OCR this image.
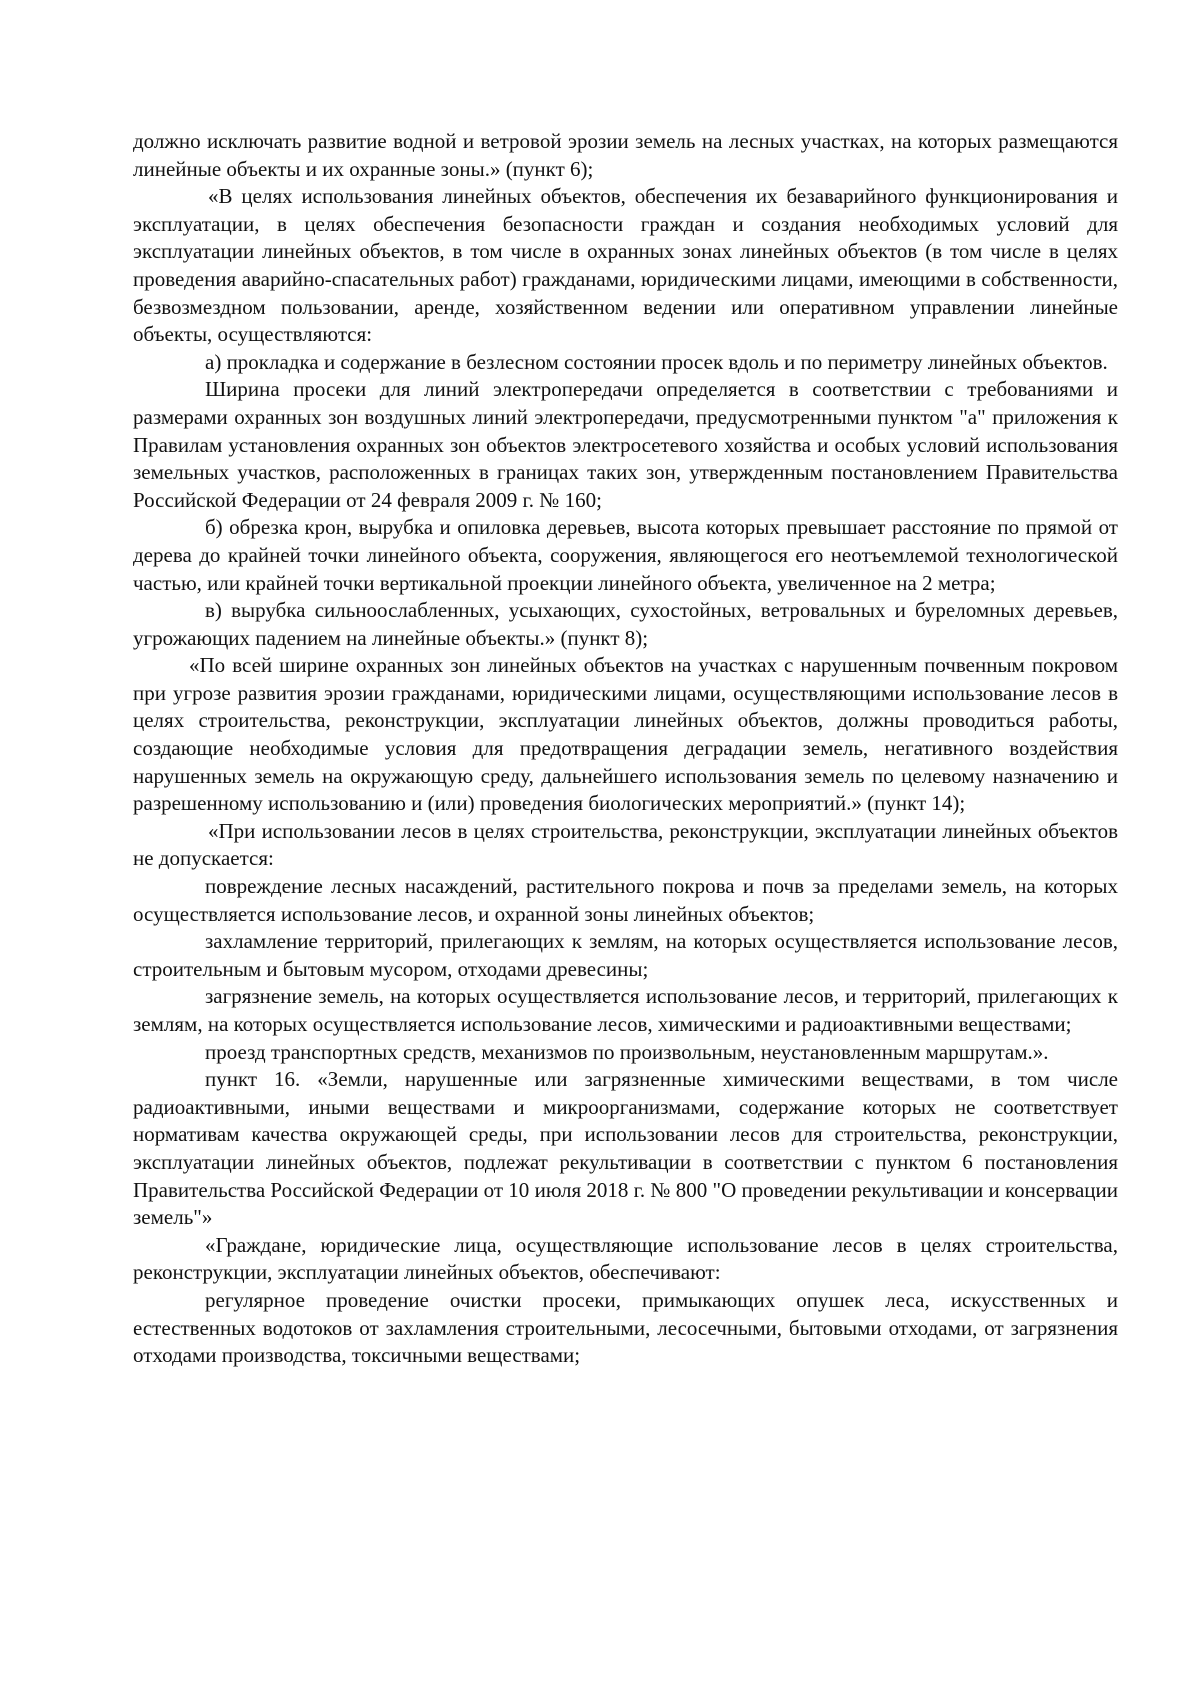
должно исключать развитие водной и ветровой эрозии земель на лесных участках, на которых размещаются линейные объекты и их охранные зоны.» (пункт 6);

«В целях использования линейных объектов, обеспечения их безаварийного функционирования и эксплуатации, в целях обеспечения безопасности граждан и создания необходимых условий для эксплуатации линейных объектов, в том числе в охранных зонах линейных объектов (в том числе в целях проведения аварийно-спасательных работ) гражданами, юридическими лицами, имеющими в собственности, безвозмездном пользовании, аренде, хозяйственном ведении или оперативном управлении линейные объекты, осуществляются:

а) прокладка и содержание в безлесном состоянии просек вдоль и по периметру линейных объектов.

Ширина просеки для линий электропередачи определяется в соответствии с требованиями и размерами охранных зон воздушных линий электропередачи, предусмотренными пунктом "а" приложения к Правилам установления охранных зон объектов электросетевого хозяйства и особых условий использования земельных участков, расположенных в границах таких зон, утвержденным постановлением Правительства Российской Федерации от 24 февраля 2009 г. № 160;

б) обрезка крон, вырубка и опиловка деревьев, высота которых превышает расстояние по прямой от дерева до крайней точки линейного объекта, сооружения, являющегося его неотъемлемой технологической частью, или крайней точки вертикальной проекции линейного объекта, увеличенное на 2 метра;

в) вырубка сильноослабленных, усыхающих, сухостойных, ветровальных и буреломных деревьев, угрожающих падением на линейные объекты.» (пункт 8);

«По всей ширине охранных зон линейных объектов на участках с нарушенным почвенным покровом при угрозе развития эрозии гражданами, юридическими лицами, осуществляющими использование лесов в целях строительства, реконструкции, эксплуатации линейных объектов, должны проводиться работы, создающие необходимые условия для предотвращения деградации земель, негативного воздействия нарушенных земель на окружающую среду, дальнейшего использования земель по целевому назначению и разрешенному использованию и (или) проведения биологических мероприятий.» (пункт 14);

«При использовании лесов в целях строительства, реконструкции, эксплуатации линейных объектов не допускается:

повреждение лесных насаждений, растительного покрова и почв за пределами земель, на которых осуществляется использование лесов, и охранной зоны линейных объектов;

захламление территорий, прилегающих к землям, на которых осуществляется использование лесов, строительным и бытовым мусором, отходами древесины;

загрязнение земель, на которых осуществляется использование лесов, и территорий, прилегающих к землям, на которых осуществляется использование лесов, химическими и радиоактивными веществами;

проезд транспортных средств, механизмов по произвольным, неустановленным маршрутам.».

пункт 16. «Земли, нарушенные или загрязненные химическими веществами, в том числе радиоактивными, иными веществами и микроорганизмами, содержание которых не соответствует нормативам качества окружающей среды, при использовании лесов для строительства, реконструкции, эксплуатации линейных объектов, подлежат рекультивации в соответствии с пунктом 6 постановления Правительства Российской Федерации от 10 июля 2018 г. № 800 "О проведении рекультивации и консервации земель"»

«Граждане, юридические лица, осуществляющие использование лесов в целях строительства, реконструкции, эксплуатации линейных объектов, обеспечивают:

регулярное проведение очистки просеки, примыкающих опушек леса, искусственных и естественных водотоков от захламления строительными, лесосечными, бытовыми отходами, от загрязнения отходами производства, токсичными веществами;
